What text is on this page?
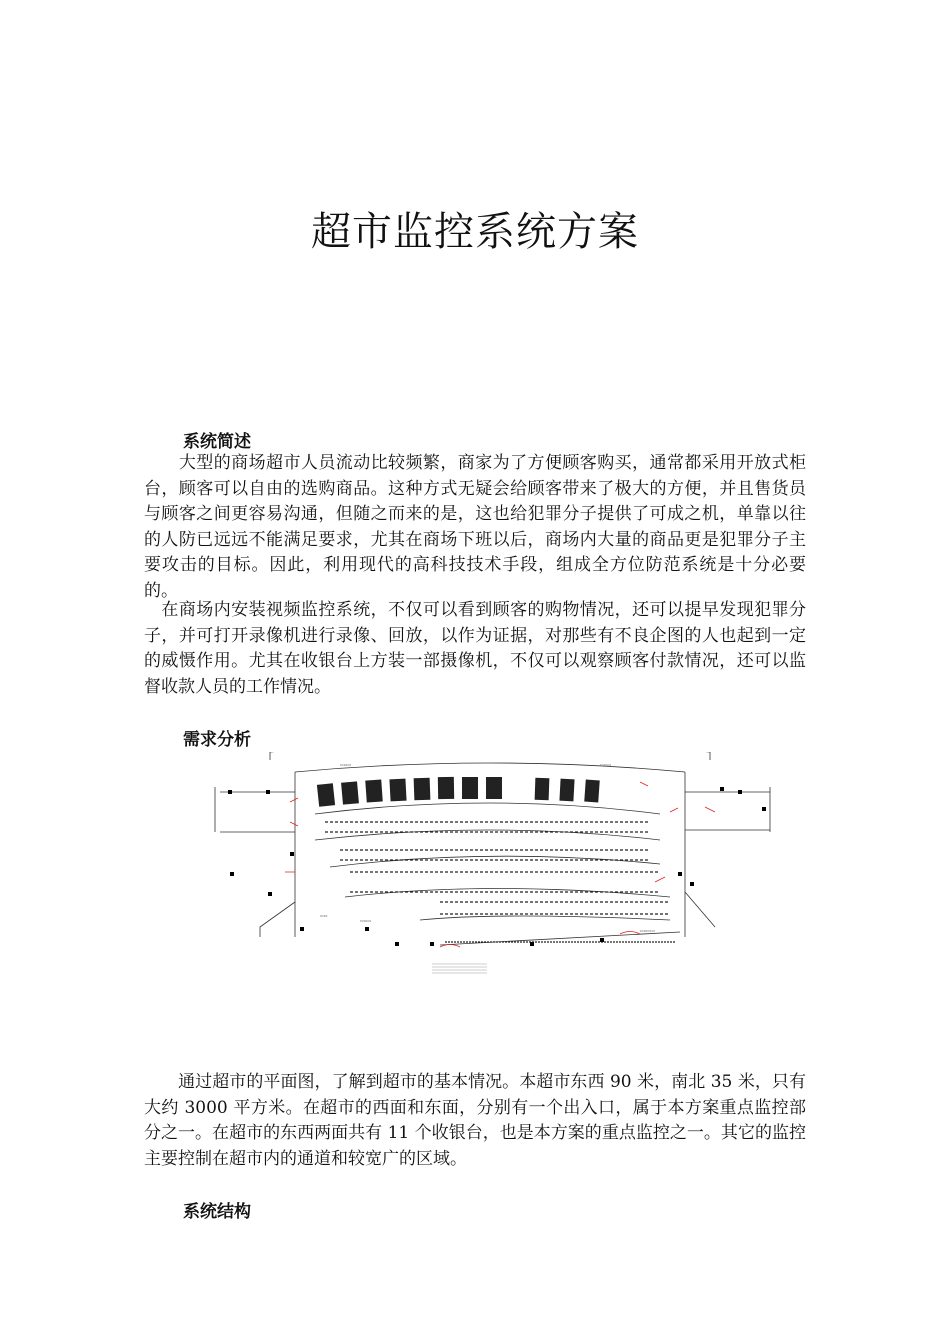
超市监控系统方案
系统简述

　　大型的商场超市人员流动比较频繁，商家为了方便顾客购买，通常都采用开放式柜台，顾客可以自由的选购商品。这种方式无疑会给顾客带来了极大的方便，并且售货员与顾客之间更容易沟通，但随之而来的是，这也给犯罪分子提供了可成之机，单靠以往的人防已远远不能满足要求，尤其在商场下班以后，商场内大量的商品更是犯罪分子主要攻击的目标。因此，利用现代的高科技技术手段，组成全方位防范系统是十分必要的。

　在商场内安装视频监控系统，不仅可以看到顾客的购物情况，还可以提早发现犯罪分子，并可打开录像机进行录像、回放，以作为证据，对那些有不良企图的人也起到一定的威慑作用。尤其在收银台上方装一部摄像机，不仅可以观察顾客付款情况，还可以监督收款人员的工作情况。

需求分析
▭▭▭	▭▭▭
▭▭
▭▭▭
▭▭▭▭

　　通过超市的平面图，了解到超市的基本情况。本超市东西 90 米，南北 35 米，只有大约 3000 平方米。在超市的西面和东面，分别有一个出入口，属于本方案重点监控部分之一。在超市的东西两面共有 11 个收银台，也是本方案的重点监控之一。其它的监控主要控制在超市内的通道和较宽广的区域。

系统结构
